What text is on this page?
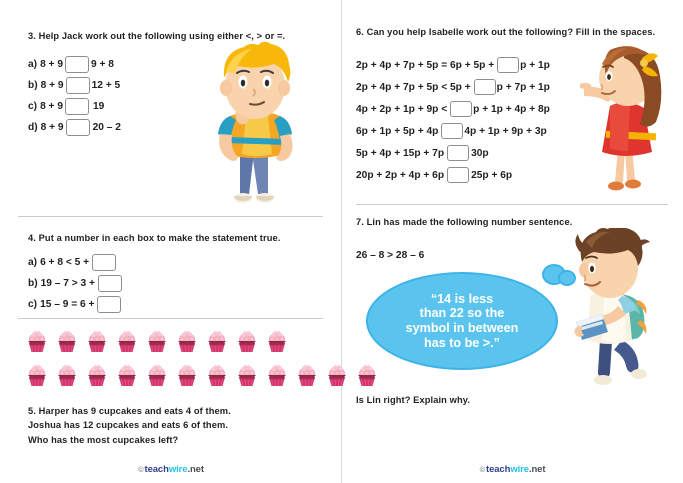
3. Help Jack work out the following using either <, > or =.
a) 8 + 9	9 + 8
b) 8 + 9	12 + 5
c) 8 + 9	19
d) 8 + 9	20 – 2
4. Put a number in each box to make the statement true.
a) 6 + 8 < 5 +
b) 19 – 7 > 3 +
c) 15 – 9 = 6 +
5. Harper has 9 cupcakes and eats 4 of them.
Joshua has 12 cupcakes and eats 6 of them.
Who has the most cupcakes left?
© teach wire .net
6. Can you help Isabelle work out the following? Fill in the spaces.
2p + 4p + 7p + 5p = 6p + 5p +	p + 1p
2p + 4p + 7p + 5p < 5p +	p + 7p + 1p
4p + 2p + 1p + 9p <	p + 1p + 4p + 8p
6p + 1p + 5p + 4p	4p + 1p + 9p + 3p
5p + 4p + 15p + 7p	30p
20p + 2p + 4p + 6p	25p + 6p
7. Lin has made the following number sentence.
26 – 8 > 28 – 6
“14 is less
than 22 so the
symbol in between
has to be >.”
Is Lin right? Explain why.
© teach wire .net
